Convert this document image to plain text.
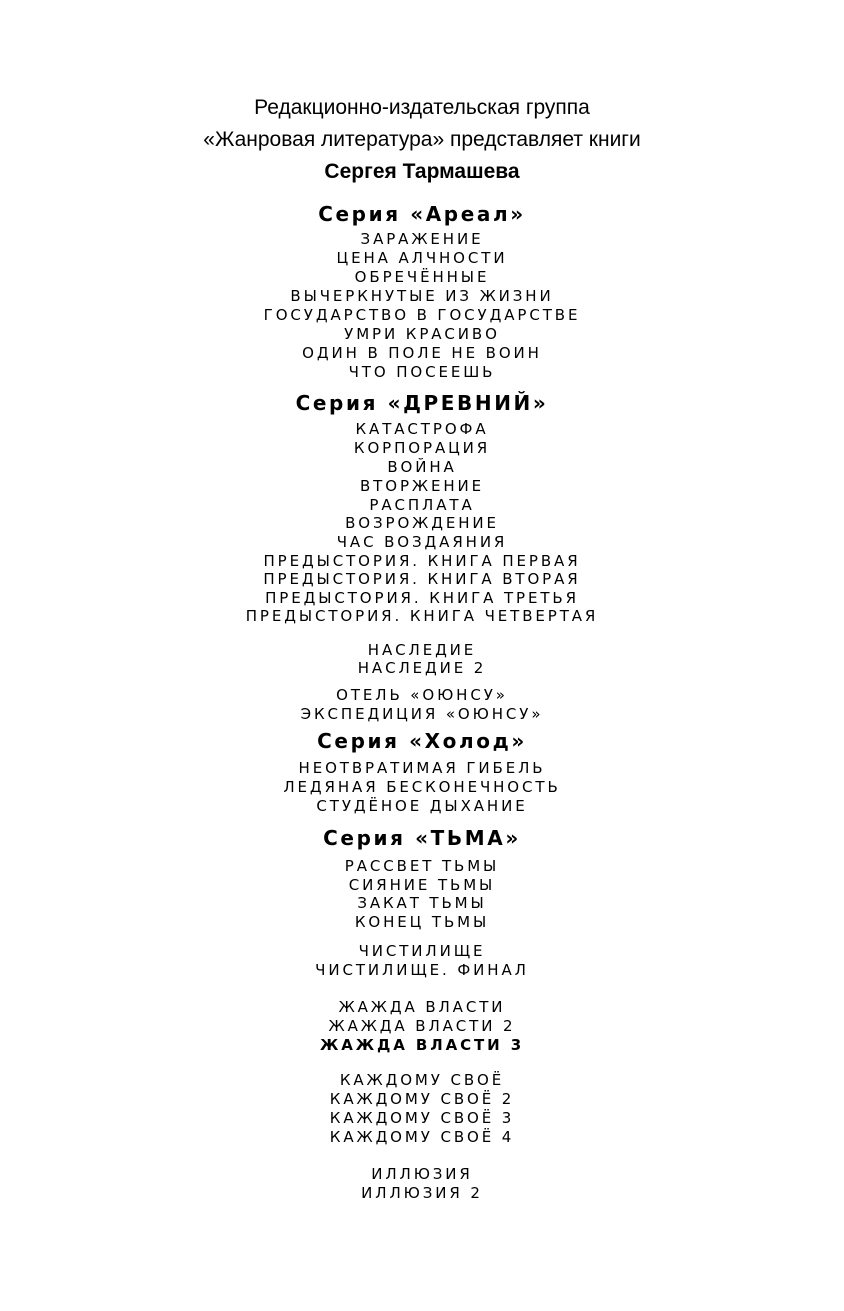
Редакционно-издательская группа
«Жанровая литература» представляет книги
Сергея Тармашева
Серия «Ареал»
ЗАРАЖЕНИЕ
ЦЕНА АЛЧНОСТИ
ОБРЕЧЁННЫЕ
ВЫЧЕРКНУТЫЕ ИЗ ЖИЗНИ
ГОСУДАРСТВО В ГОСУДАРСТВЕ
УМРИ КРАСИВО
ОДИН В ПОЛЕ НЕ ВОИН
ЧТО ПОСЕЕШЬ
Серия «ДРЕВНИЙ»
КАТАСТРОФА
КОРПОРАЦИЯ
ВОЙНА
ВТОРЖЕНИЕ
РАСПЛАТА
ВОЗРОЖДЕНИЕ
ЧАС ВОЗДАЯНИЯ
ПРЕДЫСТОРИЯ. КНИГА ПЕРВАЯ
ПРЕДЫСТОРИЯ. КНИГА ВТОРАЯ
ПРЕДЫСТОРИЯ. КНИГА ТРЕТЬЯ
ПРЕДЫСТОРИЯ. КНИГА ЧЕТВЕРТАЯ
НАСЛЕДИЕ
НАСЛЕДИЕ 2
ОТЕЛЬ «ОЮНСУ»
ЭКСПЕДИЦИЯ «ОЮНСУ»
Серия «Холод»
НЕОТВРАТИМАЯ ГИБЕЛЬ
ЛЕДЯНАЯ БЕСКОНЕЧНОСТЬ
СТУДЁНОЕ ДЫХАНИЕ
Серия «ТЬМА»
РАССВЕТ ТЬМЫ
СИЯНИЕ ТЬМЫ
ЗАКАТ ТЬМЫ
КОНЕЦ ТЬМЫ
ЧИСТИЛИЩЕ
ЧИСТИЛИЩЕ. ФИНАЛ
ЖАЖДА ВЛАСТИ
ЖАЖДА ВЛАСТИ 2
ЖАЖДА ВЛАСТИ 3
КАЖДОМУ СВОЁ
КАЖДОМУ СВОЁ 2
КАЖДОМУ СВОЁ 3
КАЖДОМУ СВОЁ 4
ИЛЛЮЗИЯ
ИЛЛЮЗИЯ 2
